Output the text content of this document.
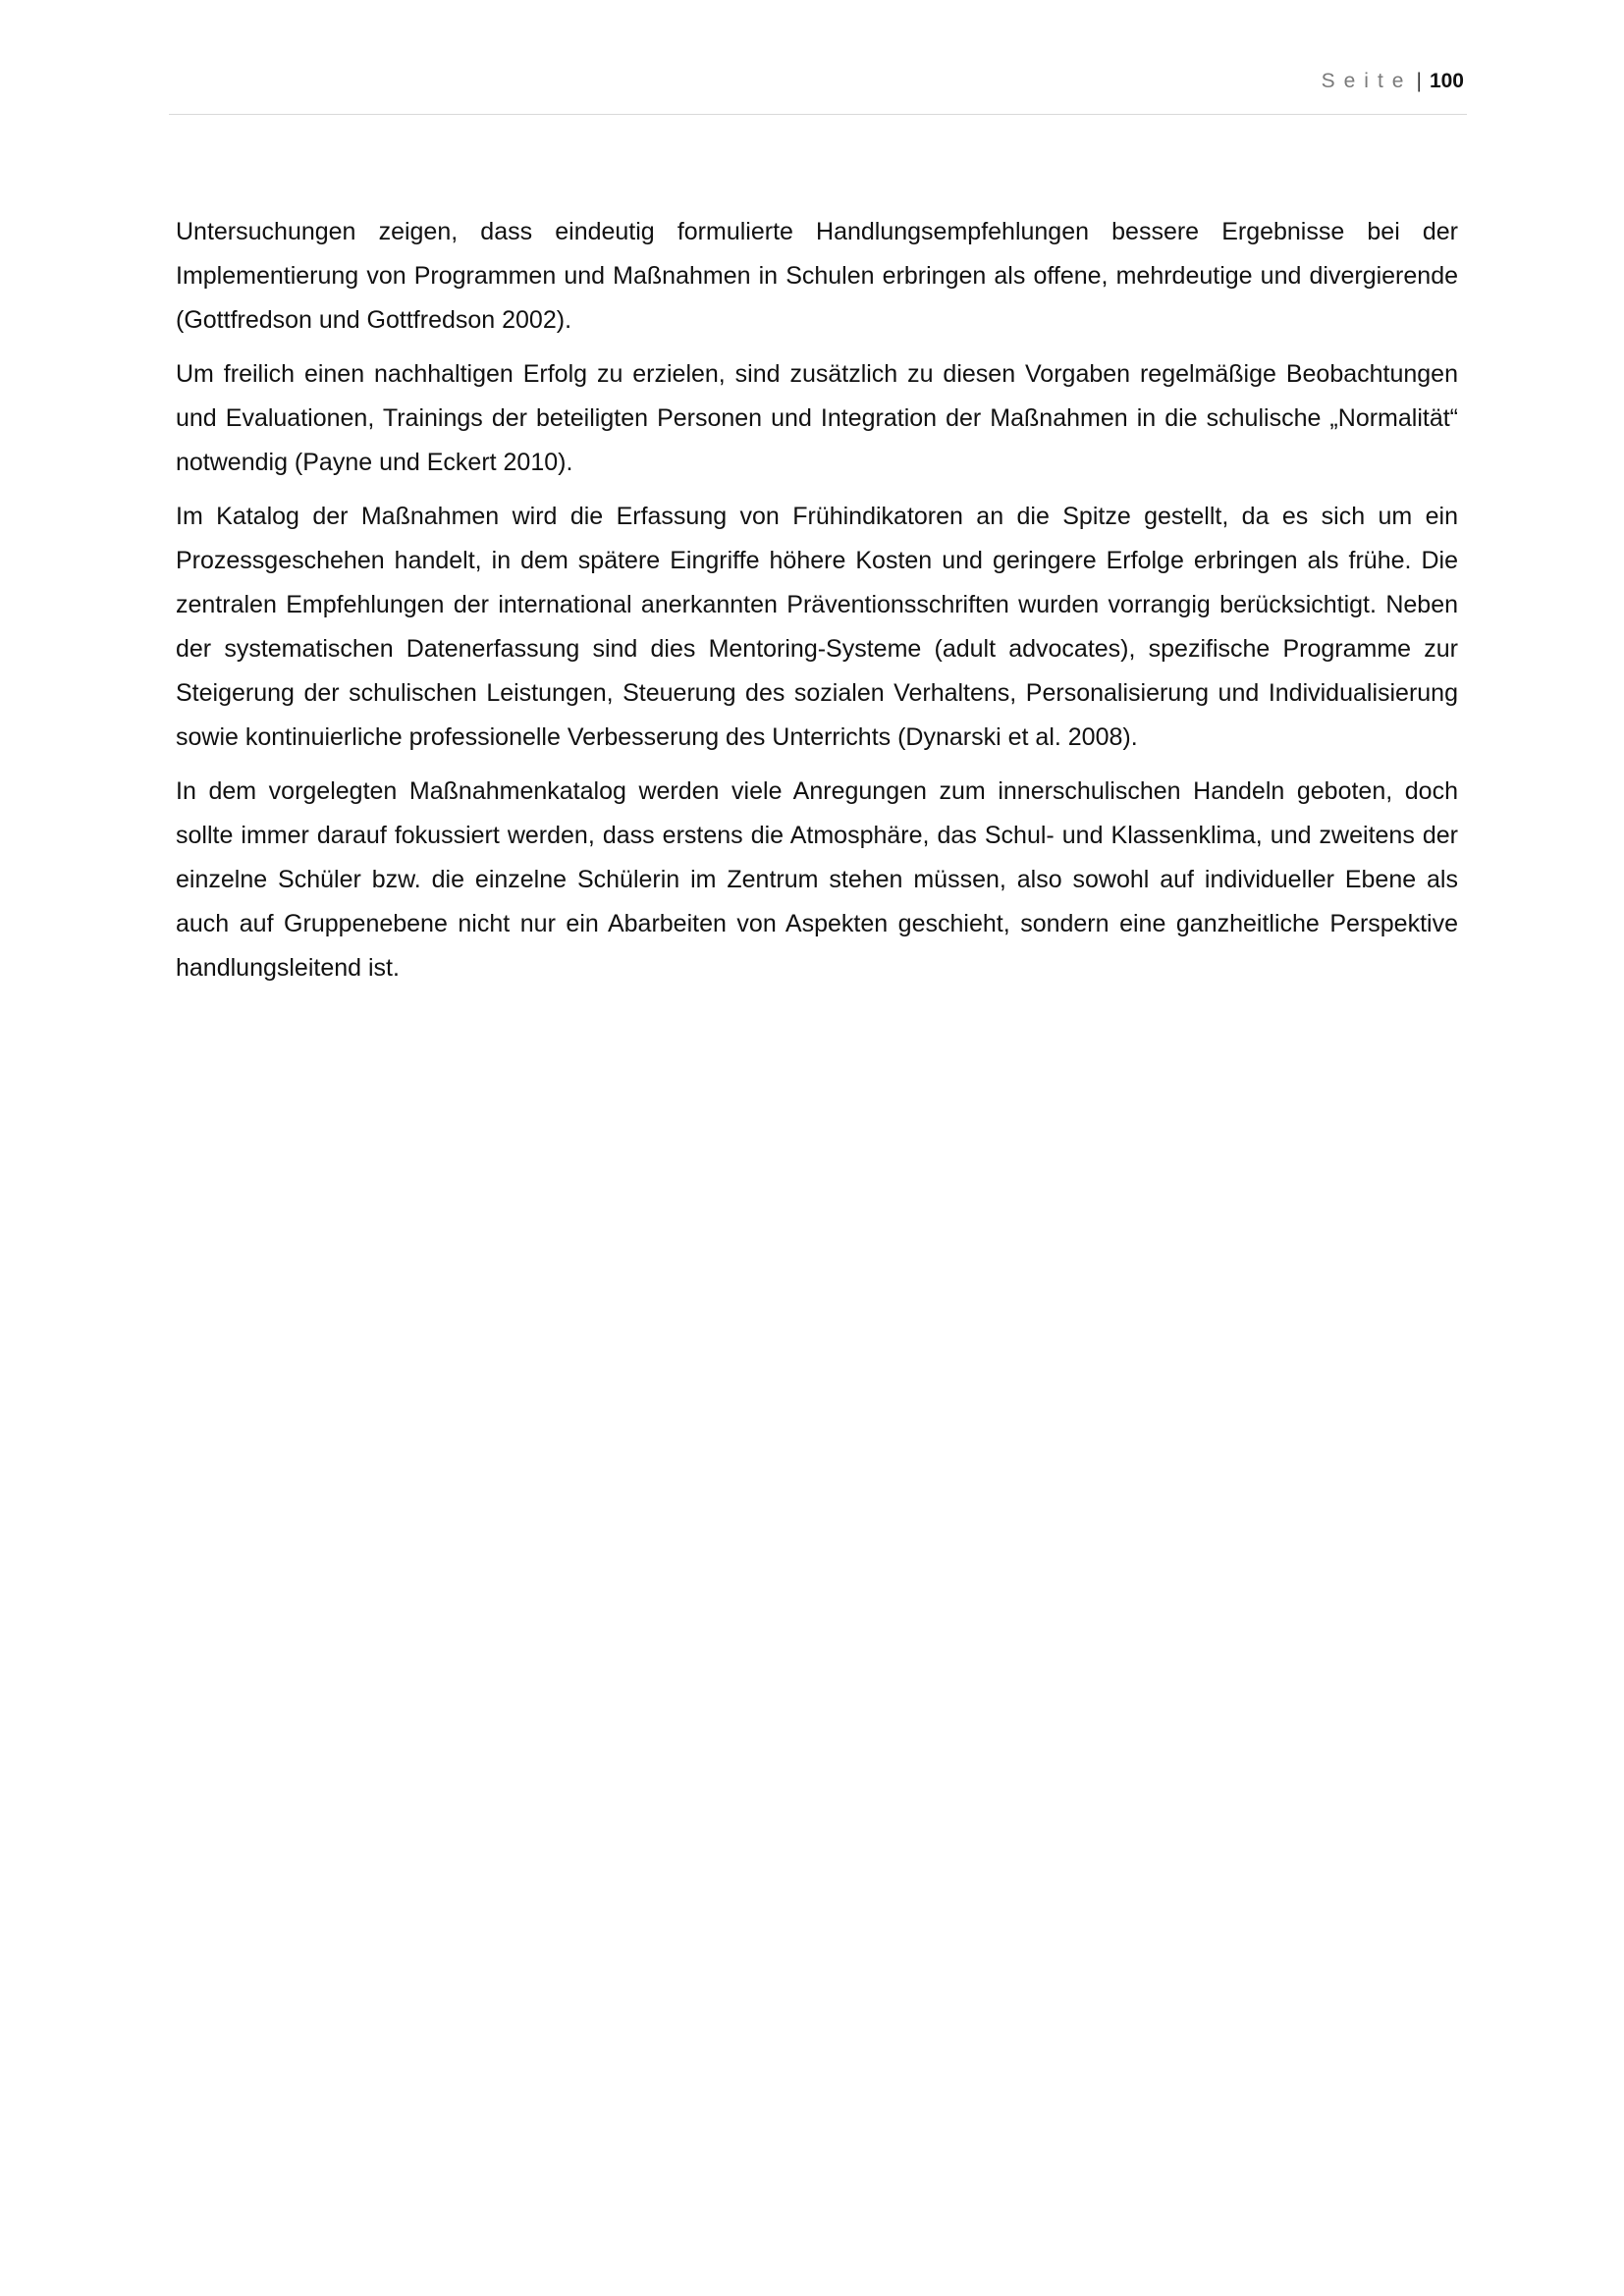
Seite | 100

Untersuchungen zeigen, dass eindeutig formulierte Handlungsempfehlungen bessere Ergebnisse bei der Implementierung von Programmen und Maßnahmen in Schulen erbringen als offene, mehrdeutige und divergierende (Gottfredson und Gottfredson 2002).

Um freilich einen nachhaltigen Erfolg zu erzielen, sind zusätzlich zu diesen Vorgaben regelmäßige Beobachtungen und Evaluationen, Trainings der beteiligten Personen und Integration der Maßnahmen in die schulische „Normalität“ notwendig (Payne und Eckert 2010).

Im Katalog der Maßnahmen wird die Erfassung von Frühindikatoren an die Spitze gestellt, da es sich um ein Prozessgeschehen handelt, in dem spätere Eingriffe höhere Kosten und geringere Erfolge erbringen als frühe. Die zentralen Empfehlungen der international anerkannten Präventionsschriften wurden vorrangig berücksichtigt. Neben der systematischen Datenerfassung sind dies Mentoring-Systeme (adult advocates), spezifische Programme zur Steigerung der schulischen Leistungen, Steuerung des sozialen Verhaltens, Personalisierung und Individualisierung sowie kontinuierliche professionelle Verbesserung des Unterrichts (Dynarski et al. 2008).

In dem vorgelegten Maßnahmenkatalog werden viele Anregungen zum innerschulischen Handeln geboten, doch sollte immer darauf fokussiert werden, dass erstens die Atmosphäre, das Schul- und Klassenklima, und zweitens der einzelne Schüler bzw. die einzelne Schülerin im Zentrum stehen müssen, also sowohl auf individueller Ebene als auch auf Gruppenebene nicht nur ein Abarbeiten von Aspekten geschieht, sondern eine ganzheitliche Perspektive handlungsleitend ist.
